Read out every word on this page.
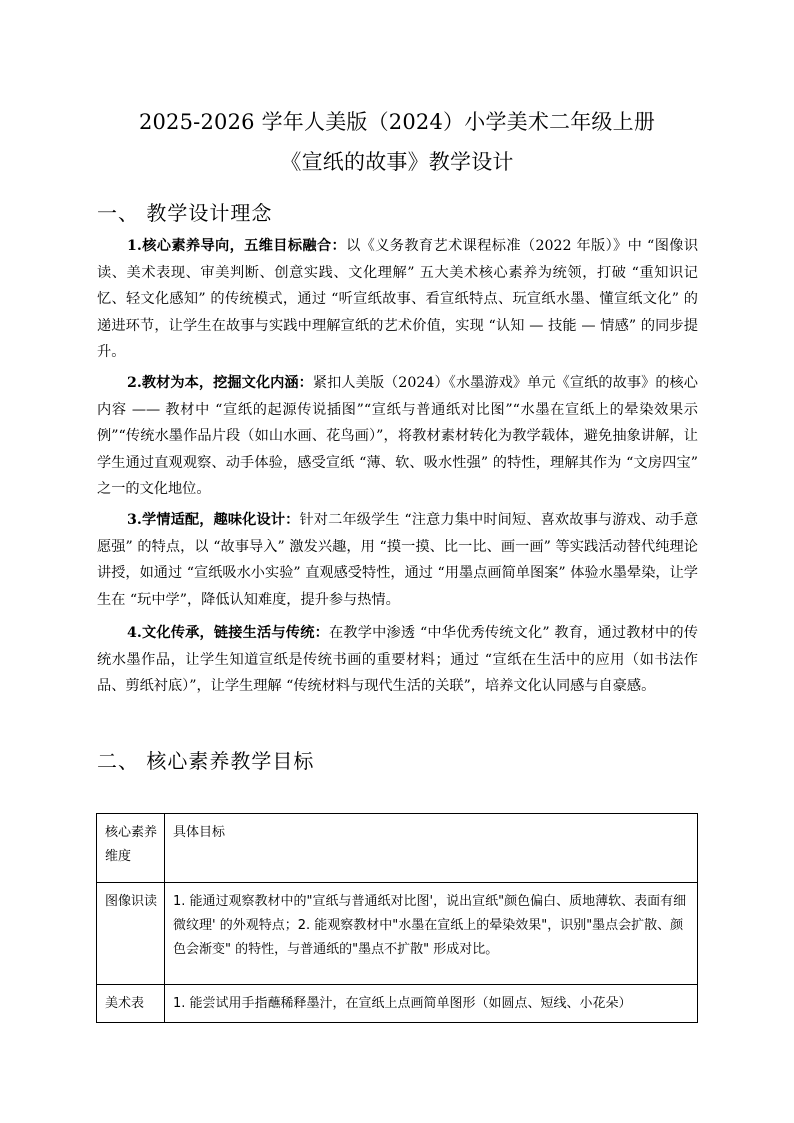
2025-2026 学年人美版（2024）小学美术二年级上册
《宣纸的故事》教学设计
一、 教学设计理念
1.核心素养导向，五维目标融合：以《义务教育艺术课程标准（2022 年版）》中 “图像识读、美术表现、审美判断、创意实践、文化理解” 五大美术核心素养为统领，打破 “重知识记忆、轻文化感知” 的传统模式，通过 “听宣纸故事、看宣纸特点、玩宣纸水墨、懂宣纸文化” 的递进环节，让学生在故事与实践中理解宣纸的艺术价值，实现 “认知 — 技能 — 情感” 的同步提升。
2.教材为本，挖掘文化内涵：紧扣人美版（2024）《水墨游戏》单元《宣纸的故事》的核心内容 —— 教材中 “宣纸的起源传说插图”“宣纸与普通纸对比图”“水墨在宣纸上的晕染效果示例”“传统水墨作品片段（如山水画、花鸟画）”，将教材素材转化为教学载体，避免抽象讲解，让学生通过直观观察、动手体验，感受宣纸 “薄、软、吸水性强” 的特性，理解其作为 “文房四宝” 之一的文化地位。
3.学情适配，趣味化设计：针对二年级学生 “注意力集中时间短、喜欢故事与游戏、动手意愿强” 的特点，以 “故事导入” 激发兴趣，用 “摸一摸、比一比、画一画” 等实践活动替代纯理论讲授，如通过 “宣纸吸水小实验” 直观感受特性，通过 “用墨点画简单图案” 体验水墨晕染，让学生在 “玩中学”，降低认知难度，提升参与热情。
4.文化传承，链接生活与传统：在教学中渗透 “中华优秀传统文化” 教育，通过教材中的传统水墨作品，让学生知道宣纸是传统书画的重要材料；通过 “宣纸在生活中的应用（如书法作品、剪纸衬底）”，让学生理解 “传统材料与现代生活的关联”，培养文化认同感与自豪感。
二、 核心素养教学目标
核心素养维度	具体目标
图像识读	1. 能通过观察教材中的"宣纸与普通纸对比图'，说出宣纸"颜色偏白、质地薄软、表面有细微纹理' 的外观特点；2. 能观察教材中"水墨在宣纸上的晕染效果"，识别"墨点会扩散、颜色会渐变" 的特性，与普通纸的"墨点不扩散" 形成对比。
美术表	1. 能尝试用手指蘸稀释墨汁，在宣纸上点画简单图形（如圆点、短线、小花朵）
